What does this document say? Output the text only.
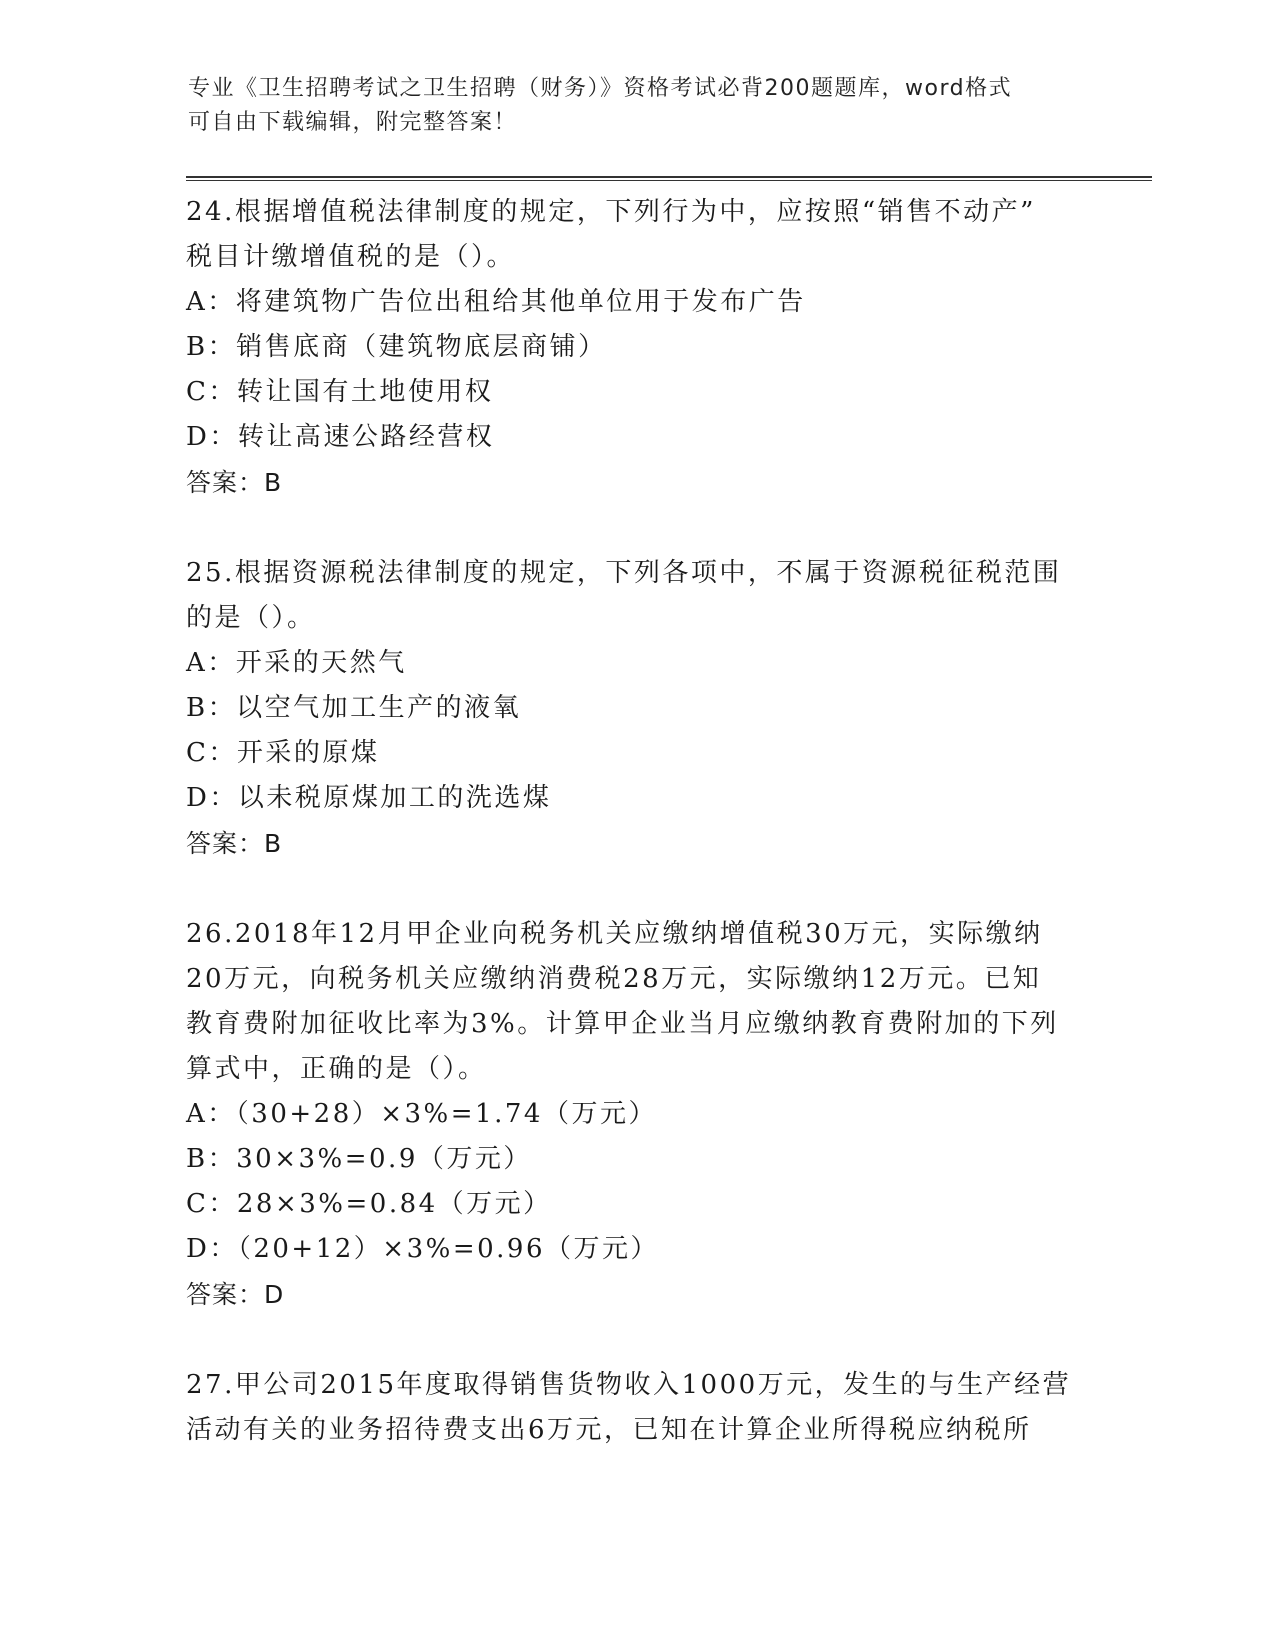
专业《卫生招聘考试之卫生招聘（财务）》资格考试必背200题题库，word格式
可自由下载编辑，附完整答案！
24.根据增值税法律制度的规定，下列行为中，应按照“销售不动产”
税目计缴增值税的是（）。
A：将建筑物广告位出租给其他单位用于发布广告
B：销售底商（建筑物底层商铺）
C：转让国有土地使用权
D：转让高速公路经营权
答案：B
25.根据资源税法律制度的规定，下列各项中，不属于资源税征税范围
的是（）。
A：开采的天然气
B：以空气加工生产的液氧
C：开采的原煤
D：以未税原煤加工的洗选煤
答案：B
26.2018年12月甲企业向税务机关应缴纳增值税30万元，实际缴纳
20万元，向税务机关应缴纳消费税28万元，实际缴纳12万元。已知
教育费附加征收比率为3%。计算甲企业当月应缴纳教育费附加的下列
算式中，正确的是（）。
A：（30+28）×3%=1.74（万元）
B：30×3%=0.9（万元）
C：28×3%=0.84（万元）
D：（20+12）×3%=0.96（万元）
答案：D
27.甲公司2015年度取得销售货物收入1000万元，发生的与生产经营
活动有关的业务招待费支出6万元，已知在计算企业所得税应纳税所
